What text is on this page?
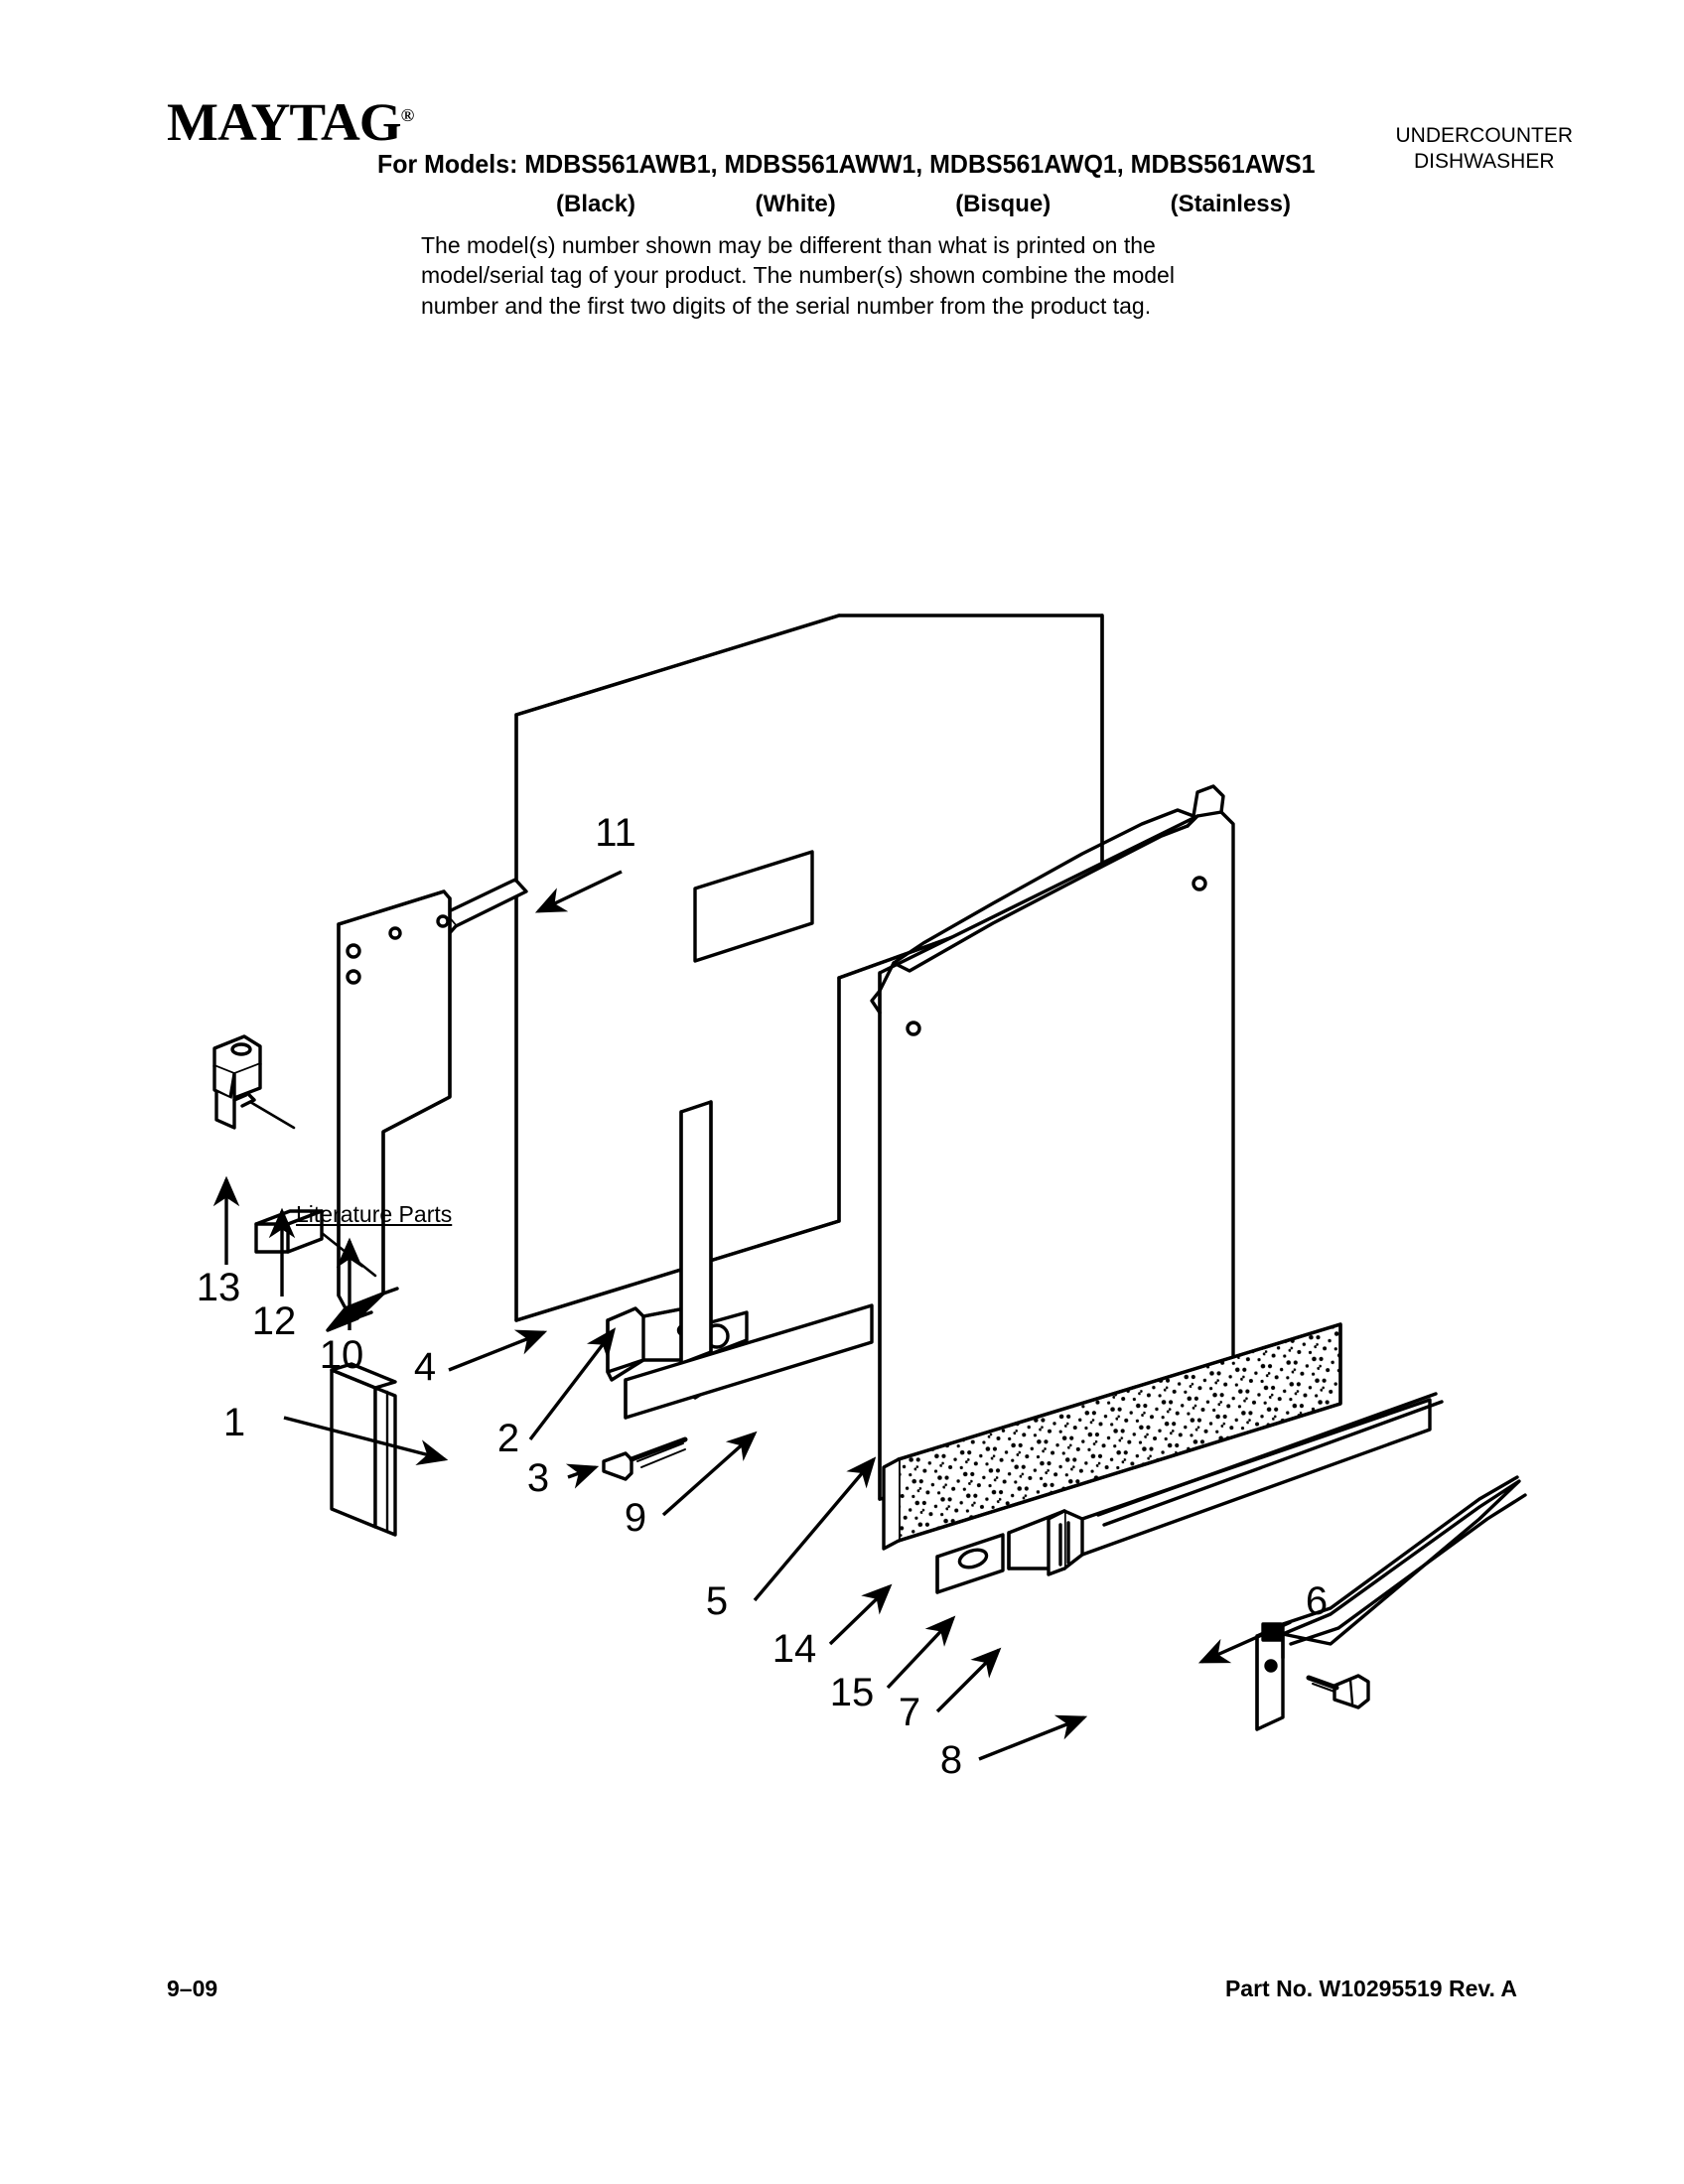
MAYTAG®
UNDERCOUNTER
DISHWASHER
For Models: MDBS561AWB1, MDBS561AWW1, MDBS561AWQ1, MDBS561AWS1
(Black)	(White)	(Bisque)	(Stainless)
The model(s) number shown may be different than what is printed on the model/serial tag of your product. The number(s) shown combine the model number and the first two digits of the serial number from the product tag.
1	2
3
4
5	6
7
8
9
10
11
12
13
14
15
Literature Parts
9–09	Part No. W10295519 Rev. A
